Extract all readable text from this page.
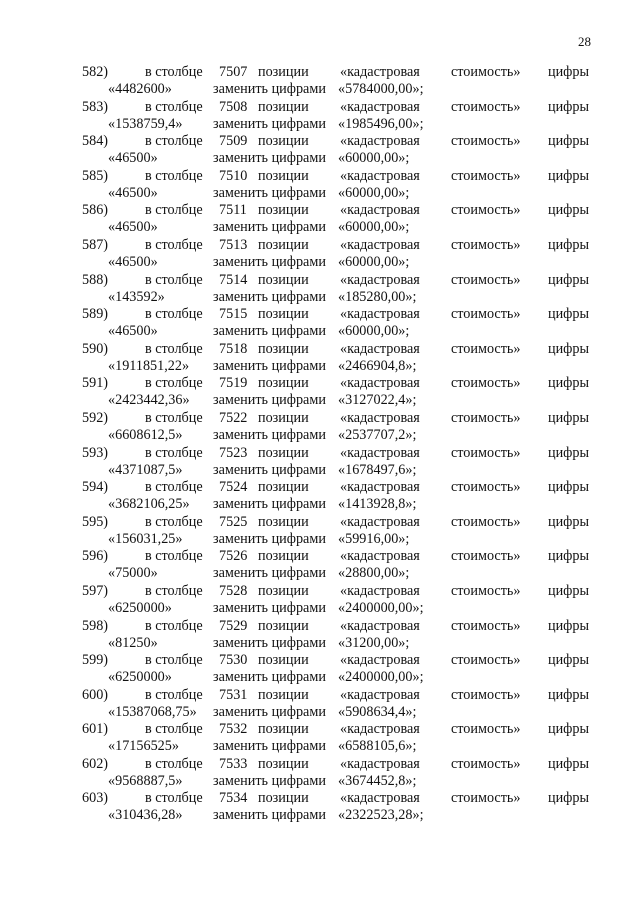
28
582)	в столбце 7507 позиции «кадастровая стоимость» цифры
«4482600»	заменить цифрами «5784000,00»;
583)	в столбце 7508 позиции «кадастровая стоимость» цифры
«1538759,4» заменить цифрами «1985496,00»;
584)	в столбце 7509 позиции «кадастровая стоимость» цифры
«46500»	заменить цифрами «60000,00»;
585)	в столбце 7510 позиции «кадастровая стоимость» цифры
«46500»	заменить цифрами «60000,00»;
586)	в столбце 7511 позиции «кадастровая стоимость» цифры
«46500»	заменить цифрами «60000,00»;
587)	в столбце 7513 позиции «кадастровая стоимость» цифры
«46500»	заменить цифрами «60000,00»;
588)	в столбце 7514 позиции «кадастровая стоимость» цифры
«143592»	заменить цифрами «185280,00»;
589)	в столбце 7515 позиции «кадастровая стоимость» цифры
«46500»	заменить цифрами «60000,00»;
590)	в столбце 7518 позиции «кадастровая стоимость» цифры
«1911851,22» заменить цифрами «2466904,8»;
591)	в столбце 7519 позиции «кадастровая стоимость» цифры
«2423442,36» заменить цифрами «3127022,4»;
592)	в столбце 7522 позиции «кадастровая стоимость» цифры
«6608612,5» заменить цифрами «2537707,2»;
593)	в столбце 7523 позиции «кадастровая стоимость» цифры
«4371087,5» заменить цифрами «1678497,6»;
594)	в столбце 7524 позиции «кадастровая стоимость» цифры
«3682106,25» заменить цифрами «1413928,8»;
595)	в столбце 7525 позиции «кадастровая стоимость» цифры
«156031,25» заменить цифрами «59916,00»;
596)	в столбце 7526 позиции «кадастровая стоимость» цифры
«75000»	заменить цифрами «28800,00»;
597)	в столбце 7528 позиции «кадастровая стоимость» цифры
«6250000»	заменить цифрами «2400000,00»;
598)	в столбце 7529 позиции «кадастровая стоимость» цифры
«81250»	заменить цифрами «31200,00»;
599)	в столбце 7530 позиции «кадастровая стоимость» цифры
«6250000»	заменить цифрами «2400000,00»;
600)	в столбце 7531 позиции «кадастровая стоимость» цифры
«15387068,75» заменить цифрами «5908634,4»;
601)	в столбце 7532 позиции «кадастровая стоимость» цифры
«17156525» заменить цифрами «6588105,6»;
602)	в столбце 7533 позиции «кадастровая стоимость» цифры
«9568887,5» заменить цифрами «3674452,8»;
603)	в столбце 7534 позиции «кадастровая стоимость» цифры
«310436,28» заменить цифрами «2322523,28»;
